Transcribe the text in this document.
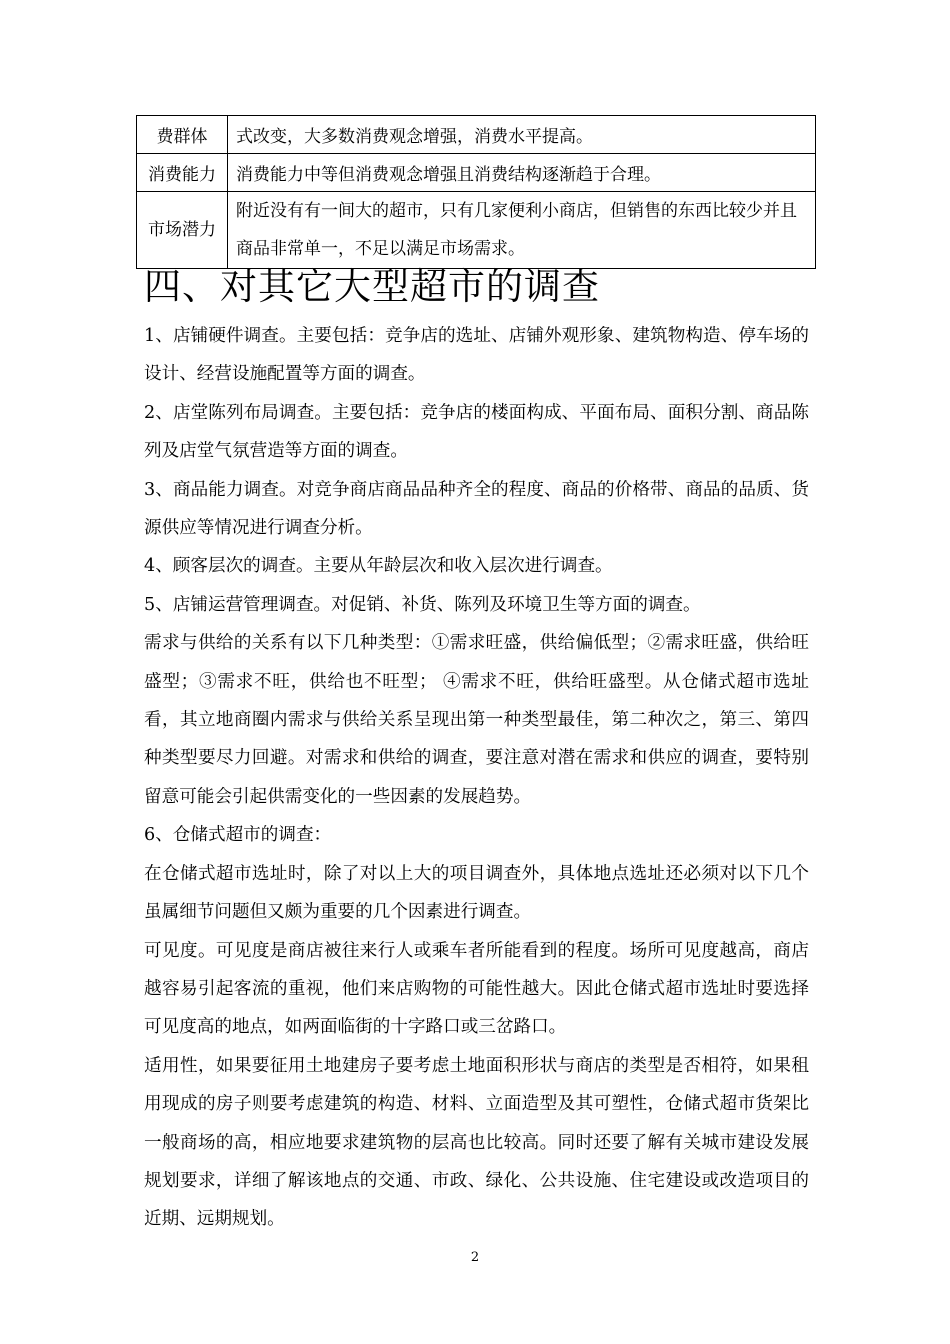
费群体	式改变，大多数消费观念增强，消费水平提高。
消费能力	消费能力中等但消费观念增强且消费结构逐渐趋于合理。
市场潜力	附近没有有一间大的超市，只有几家便利小商店，但销售的东西比较少并且商品非常单一，不足以满足市场需求。
四、对其它大型超市的调查

1、店铺硬件调查。主要包括：竞争店的选址、店铺外观形象、建筑物构造、停车场的设计、经营设施配置等方面的调查。

2、店堂陈列布局调查。主要包括：竞争店的楼面构成、平面布局、面积分割、商品陈列及店堂气氛营造等方面的调查。

3、商品能力调查。对竞争商店商品品种齐全的程度、商品的价格带、商品的品质、货源供应等情况进行调查分析。

4、顾客层次的调查。主要从年龄层次和收入层次进行调查。

5、店铺运营管理调查。对促销、补货、陈列及环境卫生等方面的调查。

需求与供给的关系有以下几种类型：①需求旺盛，供给偏低型；②需求旺盛，供给旺盛型；③需求不旺，供给也不旺型； ④需求不旺，供给旺盛型。从仓储式超市选址看，其立地商圈内需求与供给关系呈现出第一种类型最佳，第二种次之，第三、第四种类型要尽力回避。对需求和供给的调查，要注意对潜在需求和供应的调查，要特别留意可能会引起供需变化的一些因素的发展趋势。

6、仓储式超市的调查：

在仓储式超市选址时，除了对以上大的项目调查外，具体地点选址还必须对以下几个虽属细节问题但又颇为重要的几个因素进行调查。

可见度。可见度是商店被往来行人或乘车者所能看到的程度。场所可见度越高，商店越容易引起客流的重视，他们来店购物的可能性越大。因此仓储式超市选址时要选择可见度高的地点，如两面临街的十字路口或三岔路口。

适用性，如果要征用土地建房子要考虑土地面积形状与商店的类型是否相符，如果租用现成的房子则要考虑建筑的构造、材料、立面造型及其可塑性，仓储式超市货架比一般商场的高，相应地要求建筑物的层高也比较高。同时还要了解有关城市建设发展规划要求，详细了解该地点的交通、市政、绿化、公共设施、住宅建设或改造项目的近期、远期规划。

2
